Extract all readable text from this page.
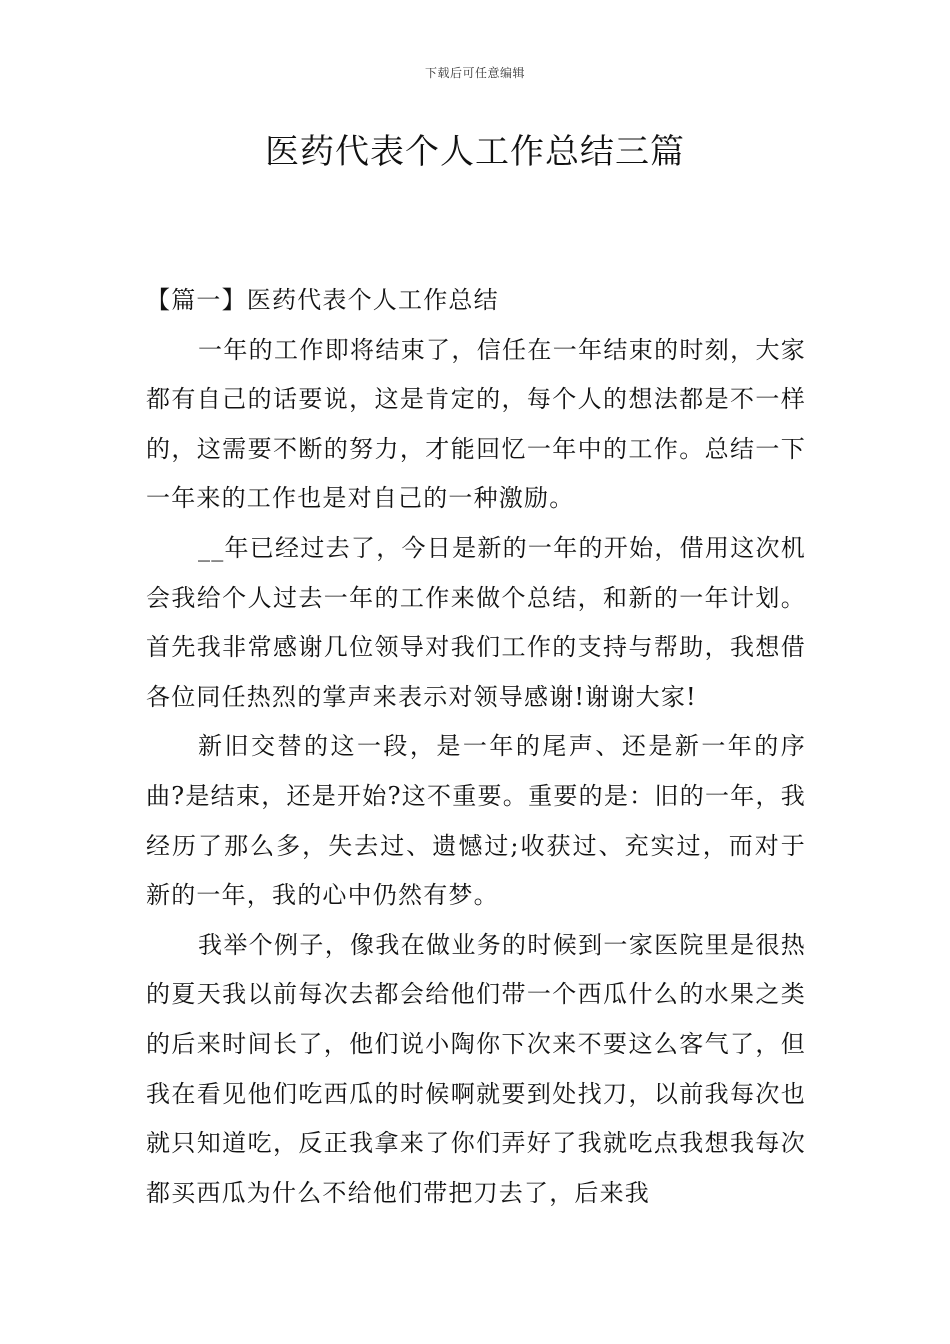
下载后可任意编辑
医药代表个人工作总结三篇
【篇一】医药代表个人工作总结

一年的工作即将结束了，信任在一年结束的时刻，大家都有自己的话要说，这是肯定的，每个人的想法都是不一样的，这需要不断的努力，才能回忆一年中的工作。总结一下一年来的工作也是对自己的一种激励。

__年已经过去了，今日是新的一年的开始，借用这次机会我给个人过去一年的工作来做个总结，和新的一年计划。首先我非常感谢几位领导对我们工作的支持与帮助，我想借各位同任热烈的掌声来表示对领导感谢!谢谢大家!

新旧交替的这一段，是一年的尾声、还是新一年的序曲?是结束，还是开始?这不重要。重要的是：旧的一年，我经历了那么多，失去过、遗憾过;收获过、充实过，而对于新的一年，我的心中仍然有梦。

我举个例子，像我在做业务的时候到一家医院里是很热的夏天我以前每次去都会给他们带一个西瓜什么的水果之类的后来时间长了，他们说小陶你下次来不要这么客气了，但我在看见他们吃西瓜的时候啊就要到处找刀，以前我每次也就只知道吃，反正我拿来了你们弄好了我就吃点我想我每次都买西瓜为什么不给他们带把刀去了，后来我
